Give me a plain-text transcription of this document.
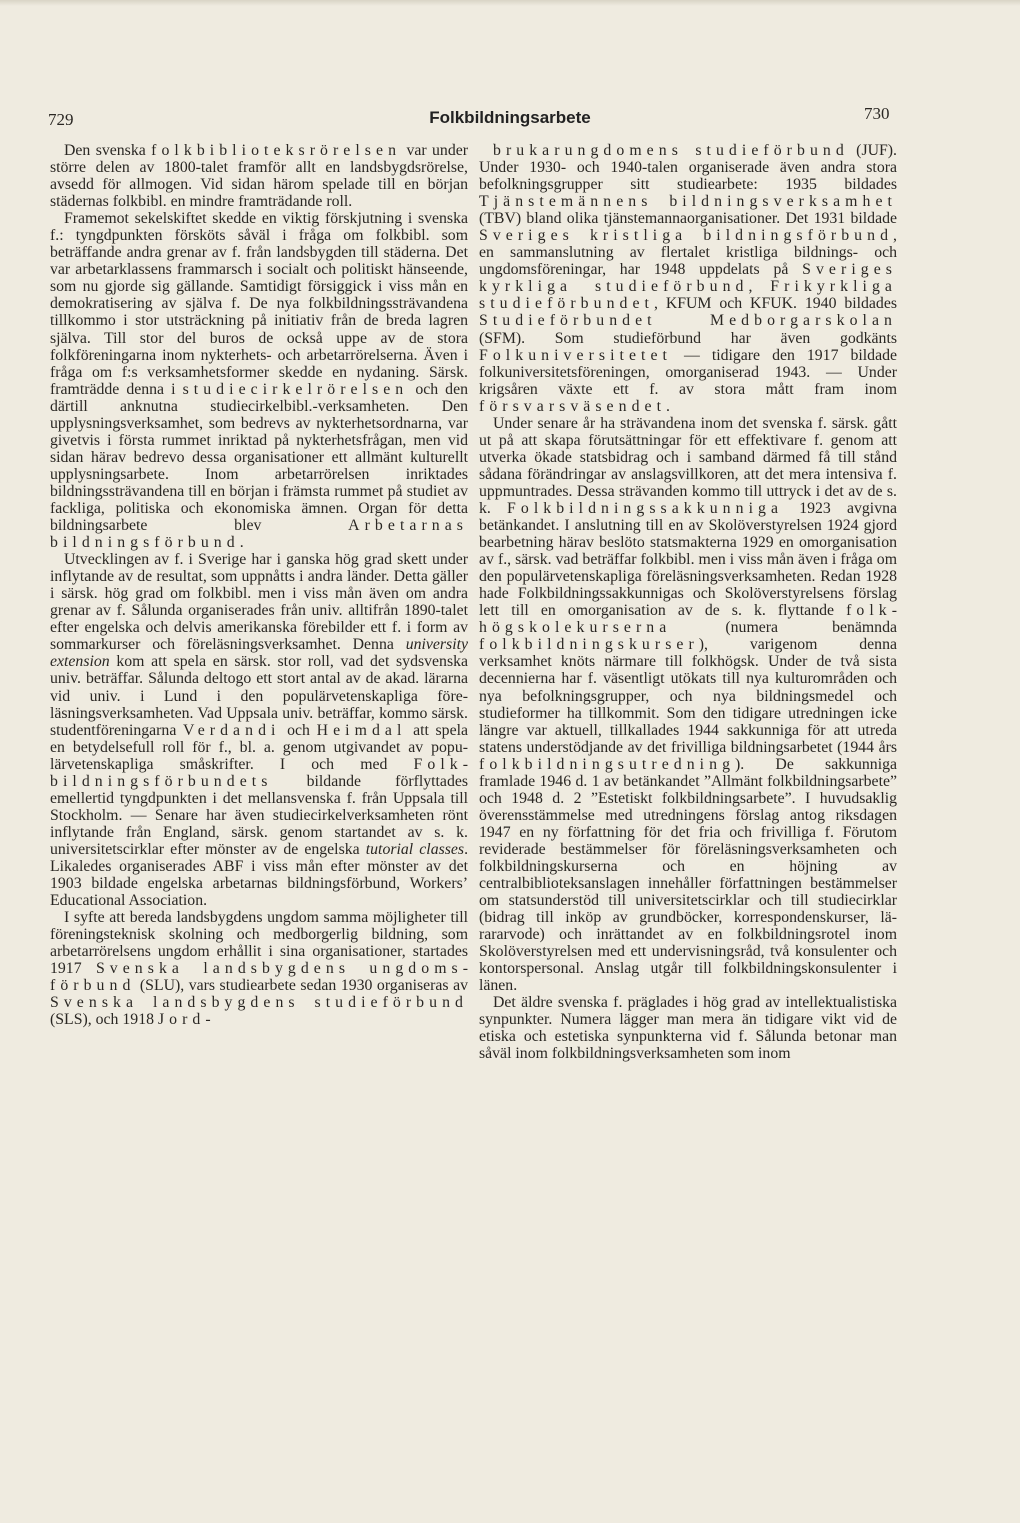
729	Folkbildningsarbete	730

Den svenska folkbiblioteksrörelsen var under större delen av 1800-talet framför allt en landsbygdsrörelse, avsedd för allmogen. Vid sidan härom spelade till en början städernas folkbibl. en mindre framträdande roll.

Framemot sekelskiftet skedde en viktig förskjutning i svenska f.: tyngdpunkten försköts såväl i fråga om folkbibl. som beträffande andra grenar av f. från landsbygden till städerna. Det var arbetarklassens frammarsch i socialt och politiskt hänseende, som nu gjorde sig gällande. Samtidigt försiggick i viss mån en demokratisering av själva f. De nya folkbildningssträvandena tillkommo i stor utsträckning på initiativ från de breda lagren själva. Till stor del buros de också uppe av de stora folkföreningarna inom nykterhets- och arbetarrörelserna. Även i fråga om f:s verksamhetsformer skedde en nydaning. Särsk. framträdde denna i studiecirkelrörelsen och den därtill anknutna studiecirkelbibl.-verksamheten. Den upplysningsverksamhet, som bedrevs av nykterhetsordnarna, var givetvis i första rummet inriktad på nykterhetsfrågan, men vid sidan härav bedrevo dessa organisationer ett allmänt kulturellt upplysningsarbete. Inom arbetarrörelsen inriktades bildningssträvandena till en början i främsta rummet på studiet av fackliga, politiska och ekonomiska ämnen. Organ för detta bildningsarbete blev Arbetarnas bildningsförbund.

Utvecklingen av f. i Sverige har i ganska hög grad skett under inflytande av de resultat, som uppnåtts i andra länder. Detta gäller i särsk. hög grad om folkbibl. men i viss mån även om andra grenar av f. Sålunda organiserades från univ. alltifrån 1890-talet efter engelska och delvis amerikanska förebilder ett f. i form av sommarkurser och föreläsningsverksamhet. Denna university extension kom att spela en särsk. stor roll, vad det sydsvenska univ. beträffar. Sålunda deltogo ett stort antal av de akad. lärarna vid univ. i Lund i den populärvetenskapliga föreläsningsverksamheten. Vad Uppsala univ. beträffar, kommo särsk. studentföreningarna Verdandi och Heimdal att spela en betydelsefull roll för f., bl. a. genom utgivandet av populärvetenskapliga småskrifter. I och med Folkbildningsförbundets bildande förflyttades emellertid tyngdpunkten i det mellansvenska f. från Uppsala till Stockholm. — Senare har även studiecirkelverksamheten rönt inflytande från England, särsk. genom startandet av s. k. universitetscirklar efter mönster av de engelska tutorial classes. Likaledes organiserades ABF i viss mån efter mönster av det 1903 bildade engelska arbetarnas bildningsförbund, Workers’ Educational Association.

I syfte att bereda landsbygdens ungdom samma möjligheter till föreningsteknisk skolning och medborgerlig bildning, som arbetarrörelsens ungdom erhållit i sina organisationer, startades 1917 Svenska landsbygdens ungdomsförbund (SLU), vars studiearbete sedan 1930 organiseras av Svenska landsbygdens studieförbund (SLS), och 1918 Jord-

brukarungdomens studieförbund (JUF). Under 1930- och 1940-talen organiserade även andra stora befolkningsgrupper sitt studiearbete: 1935 bildades Tjänstemännens bildningsverksamhet (TBV) bland olika tjänstemannaorganisationer. Det 1931 bildade Sveriges kristliga bildningsförbund, en sammanslutning av flertalet kristliga bildnings- och ungdomsföreningar, har 1948 uppdelats på Sveriges kyrkliga studieförbund, Frikyrkliga studieförbundet, KFUM och KFUK. 1940 bildades Studieförbundet Medborgarskolan (SFM). Som studieförbund har även godkänts Folkuniversitetet — tidigare den 1917 bildade folkuniversitetsföreningen, omorganiserad 1943. — Under krigsåren växte ett f. av stora mått fram inom försvarsväsendet.

Under senare år ha strävandena inom det svenska f. särsk. gått ut på att skapa förutsättningar för ett effektivare f. genom att utverka ökade statsbidrag och i samband därmed få till stånd sådana förändringar av anslagsvillkoren, att det mera intensiva f. uppmuntrades. Dessa strävanden kommo till uttryck i det av de s. k. Folkbildningssakkunniga 1923 avgivna betänkandet. I anslutning till en av Skolöverstyrelsen 1924 gjord bearbetning härav beslöto statsmakterna 1929 en omorganisation av f., särsk. vad beträffar folkbibl. men i viss mån även i fråga om den populärvetenskapliga föreläsningsverksamheten. Redan 1928 hade Folkbildningssakkunnigas och Skolöverstyrelsens förslag lett till en omorganisation av de s. k. flyttande folkhögskolekurserna (numera benämnda folkbildningskurser), varigenom denna verksamhet knöts närmare till folkhögsk. Under de två sista decennierna har f. väsentligt utökats till nya kulturområden och nya befolkningsgrupper, och nya bildningsmedel och studieformer ha tillkommit. Som den tidigare utredningen icke längre var aktuell, tillkallades 1944 sakkunniga för att utreda statens understödjande av det frivilliga bildningsarbetet (1944 års folkbildningsutredning). De sakkunniga framlade 1946 d. 1 av betänkandet ”Allmänt folkbildningsarbete” och 1948 d. 2 ”Estetiskt folkbildningsarbete”. I huvudsaklig överensstämmelse med utredningens förslag antog riksdagen 1947 en ny författning för det fria och frivilliga f. Förutom reviderade bestämmelser för föreläsningsverksamheten och folkbildningskurserna och en höjning av centralbiblioteksanslagen innehåller författningen bestämmelser om statsunderstöd till universitetscirklar och till studiecirklar (bidrag till inköp av grundböcker, korrespondenskurser, lärararvode) och inrättandet av en folkbildningsrotel inom Skolöverstyrelsen med ett undervisningsråd, två konsulenter och kontorspersonal. Anslag utgår till folkbildningskonsulenter i länen.

Det äldre svenska f. präglades i hög grad av intellektualistiska synpunkter. Numera lägger man mera än tidigare vikt vid de etiska och estetiska synpunkterna vid f. Sålunda betonar man såväl inom folkbildningsverksamheten som inom
